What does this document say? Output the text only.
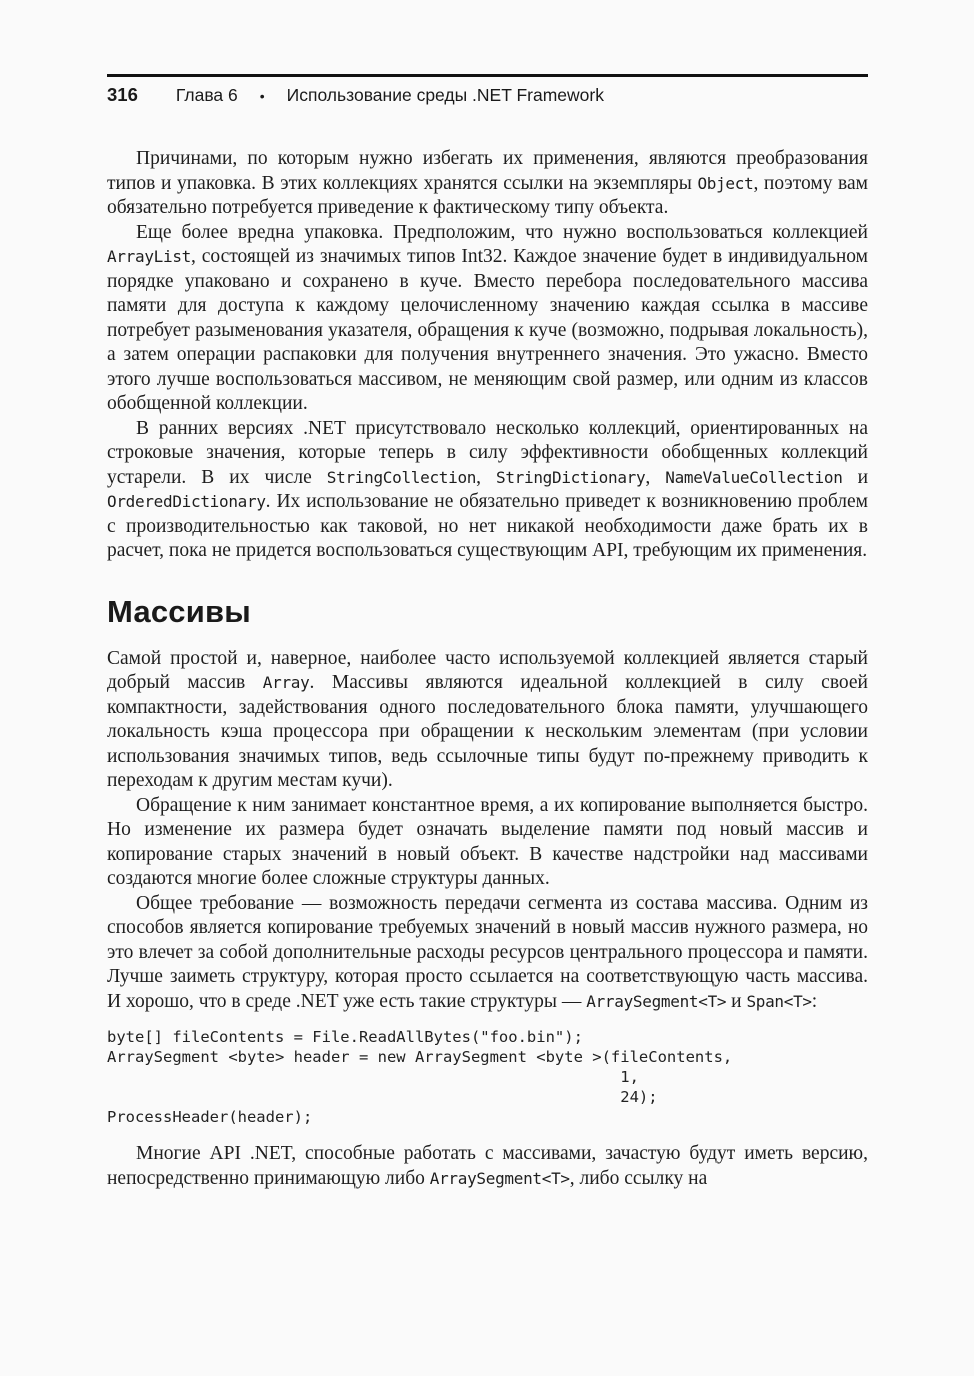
316 Глава 6 • Использование среды .NET Framework

Причинами, по которым нужно избегать их применения, являются преобразования типов и упаковка. В этих коллекциях хранятся ссылки на экземпляры Object, поэтому вам обязательно потребуется приведение к фактическому типу объекта.

Еще более вредна упаковка. Предположим, что нужно воспользоваться коллекцией ArrayList, состоящей из значимых типов Int32. Каждое значение будет в индивидуальном порядке упаковано и сохранено в куче. Вместо перебора последовательного массива памяти для доступа к каждому целочисленному значению каждая ссылка в массиве потребует разыменования указателя, обращения к куче (возможно, подрывая локальность), а затем операции распаковки для получения внутреннего значения. Это ужасно. Вместо этого лучше воспользоваться массивом, не меняющим свой размер, или одним из классов обобщенной коллекции.

В ранних версиях .NET присутствовало несколько коллекций, ориентированных на строковые значения, которые теперь в силу эффективности обобщенных коллекций устарели. В их числе StringCollection, StringDictionary, NameValueCollection и OrderedDictionary. Их использование не обязательно приведет к возникновению проблем с производительностью как таковой, но нет никакой необходимости даже брать их в расчет, пока не придется воспользоваться существующим API, требующим их применения.

Массивы

Самой простой и, наверное, наиболее часто используемой коллекцией является старый добрый массив Array. Массивы являются идеальной коллекцией в силу своей компактности, задействования одного последовательного блока памяти, улучшающего локальность кэша процессора при обращении к нескольким элементам (при условии использования значимых типов, ведь ссылочные типы будут по-прежнему приводить к переходам к другим местам кучи).

Обращение к ним занимает константное время, а их копирование выполняется быстро. Но изменение их размера будет означать выделение памяти под новый массив и копирование старых значений в новый объект. В качестве надстройки над массивами создаются многие более сложные структуры данных.

Общее требование — возможность передачи сегмента из состава массива. Одним из способов является копирование требуемых значений в новый массив нужного размера, но это влечет за собой дополнительные расходы ресурсов центрального процессора и памяти. Лучше заиметь структуру, которая просто ссылается на соответствующую часть массива. И хорошо, что в среде .NET уже есть такие структуры — ArraySegment<T> и Span<T>:

byte[] fileContents = File.ReadAllBytes("foo.bin");
ArraySegment <byte> header = new ArraySegment <byte >(fileContents,
1,
24);
ProcessHeader(header);

Многие API .NET, способные работать с массивами, зачастую будут иметь версию, непосредственно принимающую либо ArraySegment<T>, либо ссылку на
